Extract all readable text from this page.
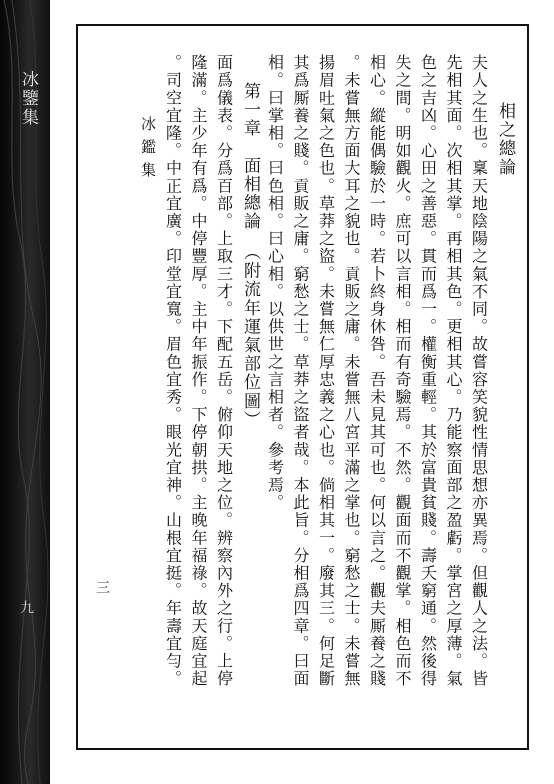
冰鑒集
九
相之總論
夫人之生也。稟天地陰陽之氣不同。故嘗容笑貌性情思想亦異焉。但觀人之法。皆
先相其面。次相其掌。再相其色。更相其心。乃能察面部之盈虧。掌宮之厚薄。氣
色之吉凶。心田之善惡。貫而爲一。權衡重輕。其於富貴貧賤。壽夭窮通。然後得
失之間。明如觀火。庶可以言相。相而有奇驗焉。不然。觀面而不觀掌。相色而不
相心。縱能偶驗於一時。若卜終身休咎。吾未見其可也。何以言之。觀夫厮養之賤
。未嘗無方面大耳之貌也。貢販之庸。未嘗無八宮平滿之掌也。窮愁之士。未嘗無
揚眉吐氣之色也。草莽之盜。未嘗無仁厚忠義之心也。倘相其一。廢其三。何足斷
其爲厮養之賤。貢販之庸。窮愁之士。草莽之盜者哉。本此旨。分相爲四章。曰面
相。曰掌相。曰色相。曰心相。以供世之言相者。參考焉。
第一章　面相總論（附流年運氣部位圖）
面爲儀表。分爲百部。上取三才。下配五岳。俯仰天地之位。辨察內外之行。上停
隆滿。主少年有爲。中停豐厚。主中年振作。下停朝拱。主晚年福祿。故天庭宜起
。司空宜隆。中正宜廣。印堂宜寬。眉色宜秀。眼光宜神。山根宜挺。年壽宜勻。
冰鑑集
三
